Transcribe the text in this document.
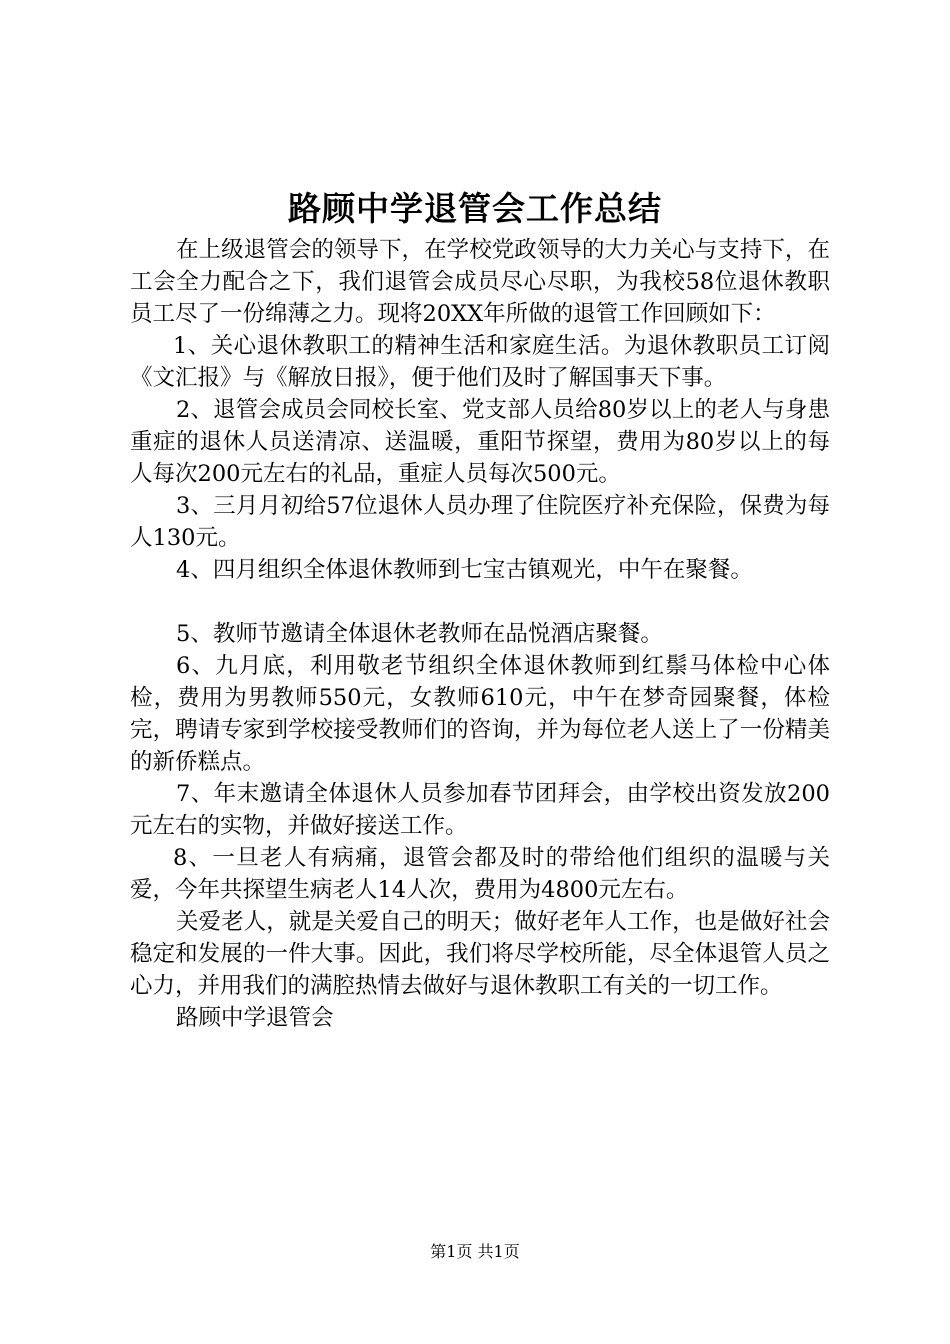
路顾中学退管会工作总结

在上级退管会的领导下，在学校党政领导的大力关心与支持下，在工会全力配合之下，我们退管会成员尽心尽职，为我校58位退休教职员工尽了一份绵薄之力。现将20XX年所做的退管工作回顾如下：

1、关心退休教职工的精神生活和家庭生活。为退休教职员工订阅《文汇报》与《解放日报》，便于他们及时了解国事天下事。

2、退管会成员会同校长室、党支部人员给80岁以上的老人与身患重症的退休人员送清凉、送温暖，重阳节探望，费用为80岁以上的每人每次200元左右的礼品，重症人员每次500元。

3、三月月初给57位退休人员办理了住院医疗补充保险，保费为每人130元。

4、四月组织全体退休教师到七宝古镇观光，中午在聚餐。

5、教师节邀请全体退休老教师在品悦酒店聚餐。

6、九月底，利用敬老节组织全体退休教师到红鬃马体检中心体检，费用为男教师550元，女教师610元，中午在梦奇园聚餐，体检完，聘请专家到学校接受教师们的咨询，并为每位老人送上了一份精美的新侨糕点。

7、年末邀请全体退休人员参加春节团拜会，由学校出资发放200元左右的实物，并做好接送工作。

8、一旦老人有病痛，退管会都及时的带给他们组织的温暖与关爱，今年共探望生病老人14人次，费用为4800元左右。

关爱老人，就是关爱自己的明天；做好老年人工作，也是做好社会稳定和发展的一件大事。因此，我们将尽学校所能，尽全体退管人员之心力，并用我们的满腔热情去做好与退休教职工有关的一切工作。

路顾中学退管会

第1页 共1页
